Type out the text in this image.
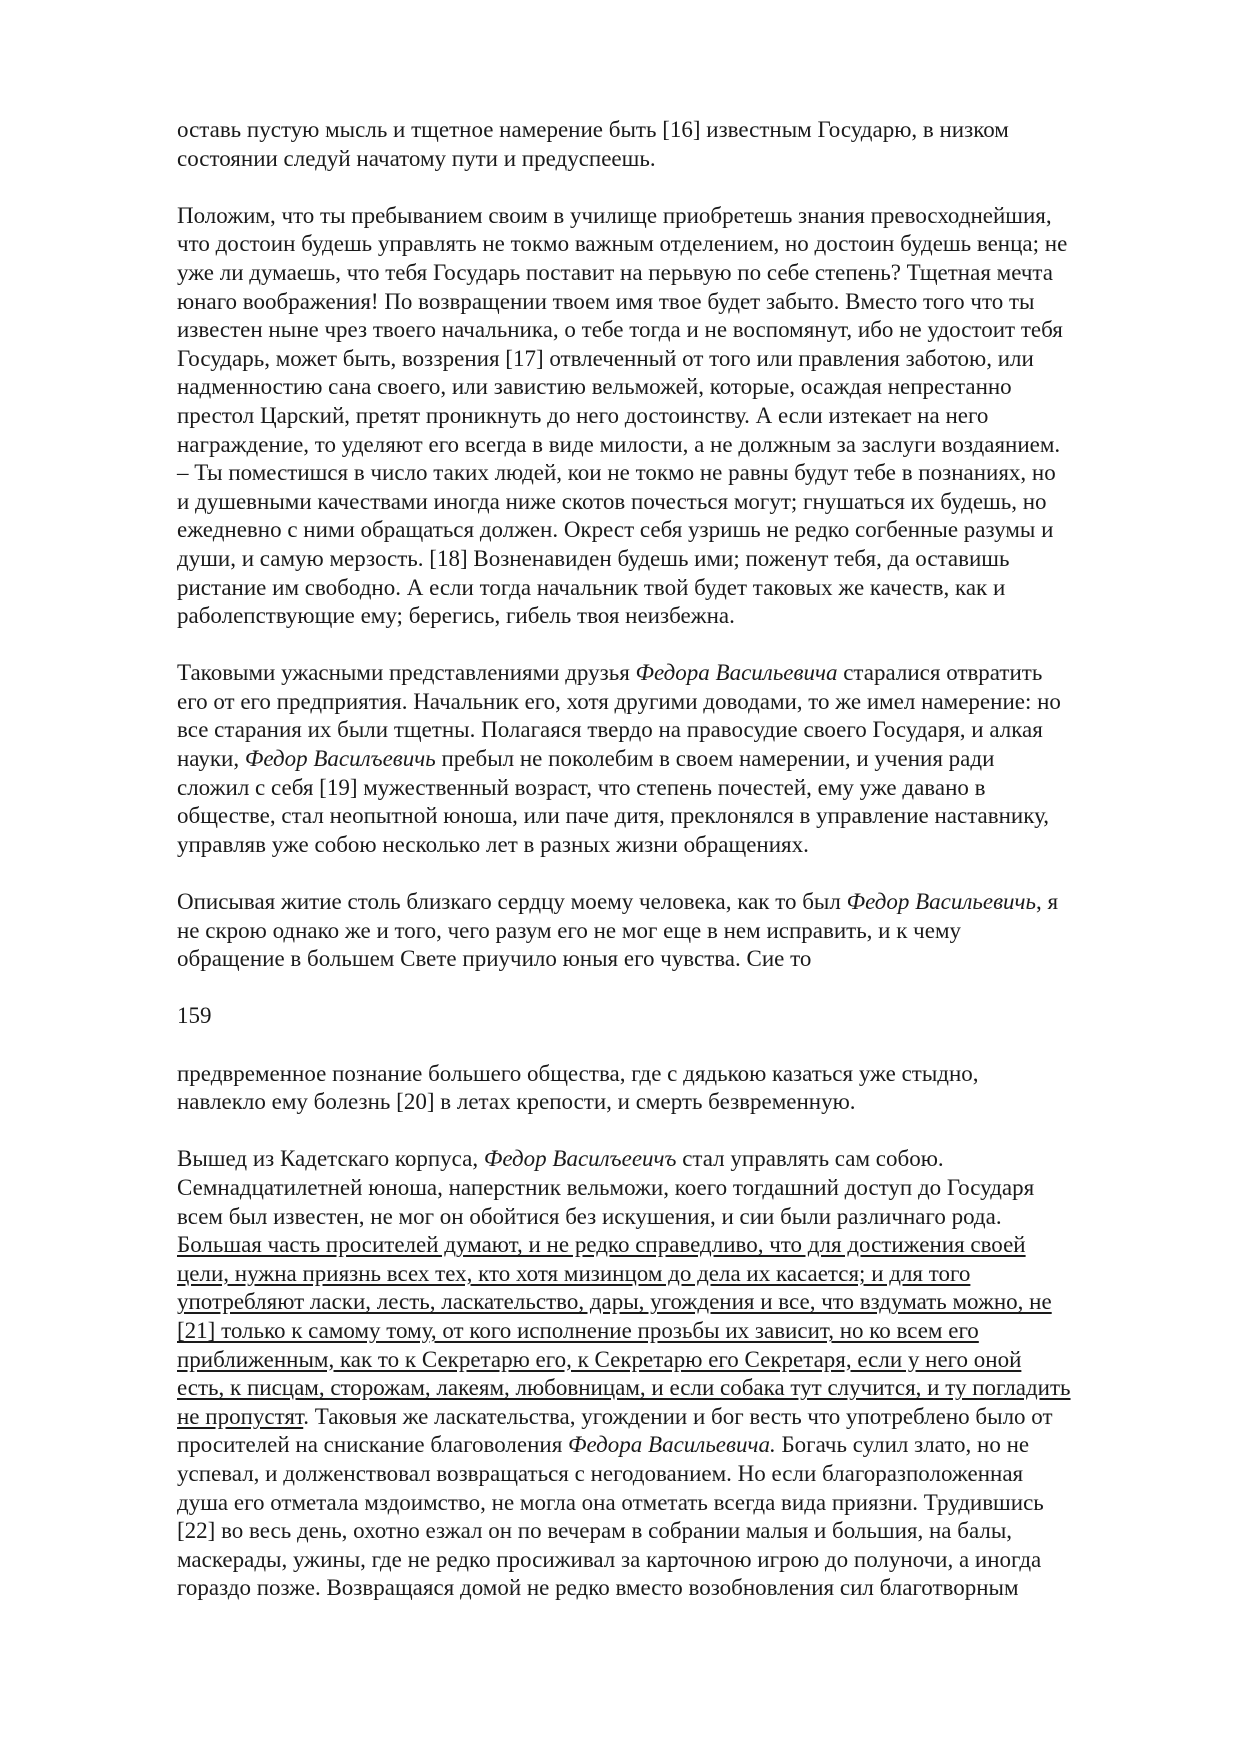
оставь пустую мысль и тщетное намерение быть [16] известным Государю, в низком
состоянии следуй начатому пути и предуспеешь.
Положим, что ты пребыванием своим в училище приобретешь знания превосходнейшия,
что достоин будешь управлять не токмо важным отделением, но достоин будешь венца; не
уже ли думаешь, что тебя Государь поставит на перьвую по себе степень? Тщетная мечта
юнаго воображения! По возвращении твоем имя твое будет забыто. Вместо того что ты
известен ныне чрез твоего начальника, о тебе тогда и не воспомянут, ибо не удостоит тебя
Государь, может быть, воззрения [17] отвлеченный от того или правления заботою, или
надменностию сана своего, или завистию вельможей, которые, осаждая непрестанно
престол Царский, претят проникнуть до него достоинству. А если изтекает на него
награждение, то уделяют его всегда в виде милости, а не должным за заслуги воздаянием.
– Ты поместишся в число таких людей, кои не токмо не равны будут тебе в познаниях, но
и душевными качествами иногда ниже скотов почесться могут; гнушаться их будешь, но
ежедневно с ними обращаться должен. Окрест себя узришь не редко согбенные разумы и
души, и самую мерзость. [18] Возненавиден будешь ими; поженут тебя, да оставишь
ристание им свободно. А если тогда начальник твой будет таковых же качеств, как и
раболепствующие ему; берегись, гибель твоя неизбежна.
Таковыми ужасными представлениями друзья Федора Васильевича старалися отвратить
его от его предприятия. Начальник его, хотя другими доводами, то же имел намерение: но
все старания их были тщетны. Полагаяся твердо на правосудие своего Государя, и алкая
науки, Федор Василъевичь пребыл не поколебим в своем намерении, и учения ради
сложил с себя [19] мужественный возраст, что степень почестей, ему уже давано в
обществе, стал неопытной юноша, или паче дитя, преклонялся в управление наставнику,
управляв уже собою несколько лет в разных жизни обращениях.
Описывая житие столь близкаго сердцу моему человека, как то был Федор Васильевичь, я
не скрою однако же и того, чего разум его не мог еще в нем исправить, и к чему
обращение в большем Свете приучило юныя его чувства. Сие то
159
предвременное познание большего общества, где с дядькою казаться уже стыдно,
навлекло ему болезнь [20] в летах крепости, и смерть безвременную.
Вышед из Кадетскаго корпуса, Федор Василъееичъ стал управлять сам собою.
Семнадцатилетней юноша, наперстник вельможи, коего тогдашний доступ до Государя
всем был известен, не мог он обойтися без искушения, и сии были различнаго рода.
Большая часть просителей думают, и не редко справедливо, что для достижения своей
цели, нужна приязнь всех тех, кто хотя мизинцом до дела их касается; и для того
употребляют ласки, лесть, ласкательство, дары, угождения и все, что вздумать можно, не
[21] только к самому тому, от кого исполнение прозьбы их зависит, но ко всем его
приближенным, как то к Секретарю его, к Секретарю его Секретаря, если у него оной
есть, к писцам, сторожам, лакеям, любовницам, и если собака тут случится, и ту погладить
не пропустят. Таковыя же ласкательства, угождении и бог весть что употреблено было от
просителей на снискание благоволения Федора Васильевича. Богачь сулил злато, но не
успевал, и долженствовал возвращаться с негодованием. Но если благоразположенная
душа его отметала мздоимство, не могла она отметать всегда вида приязни. Трудившись
[22] во весь день, охотно езжал он по вечерам в собрании малыя и большия, на балы,
маскерады, ужины, где не редко просиживал за карточною игрою до полуночи, а иногда
гораздо позже. Возвращаяся домой не редко вместо возобновления сил благотворным
